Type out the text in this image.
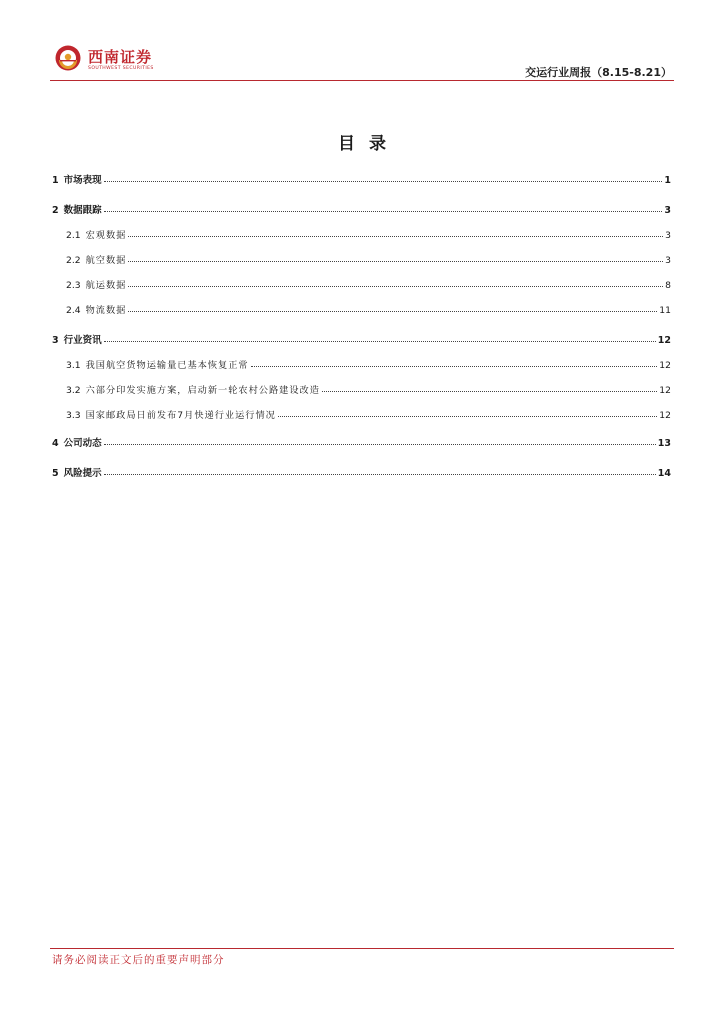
西南证券
SOUTHWEST SECURITIES	交运行业周报（8.15-8.21）
目录
1 市场表现	1
2 数据跟踪	3
2.1 宏观数据	3
2.2 航空数据	3
2.3 航运数据	8
2.4 物流数据	11
3 行业资讯	12
3.1 我国航空货物运输量已基本恢复正常	12
3.2 六部分印发实施方案，启动新一轮农村公路建设改造	12
3.3 国家邮政局日前发布7月快递行业运行情况	12
4 公司动态	13
5 风险提示	14
请务必阅读正文后的重要声明部分
